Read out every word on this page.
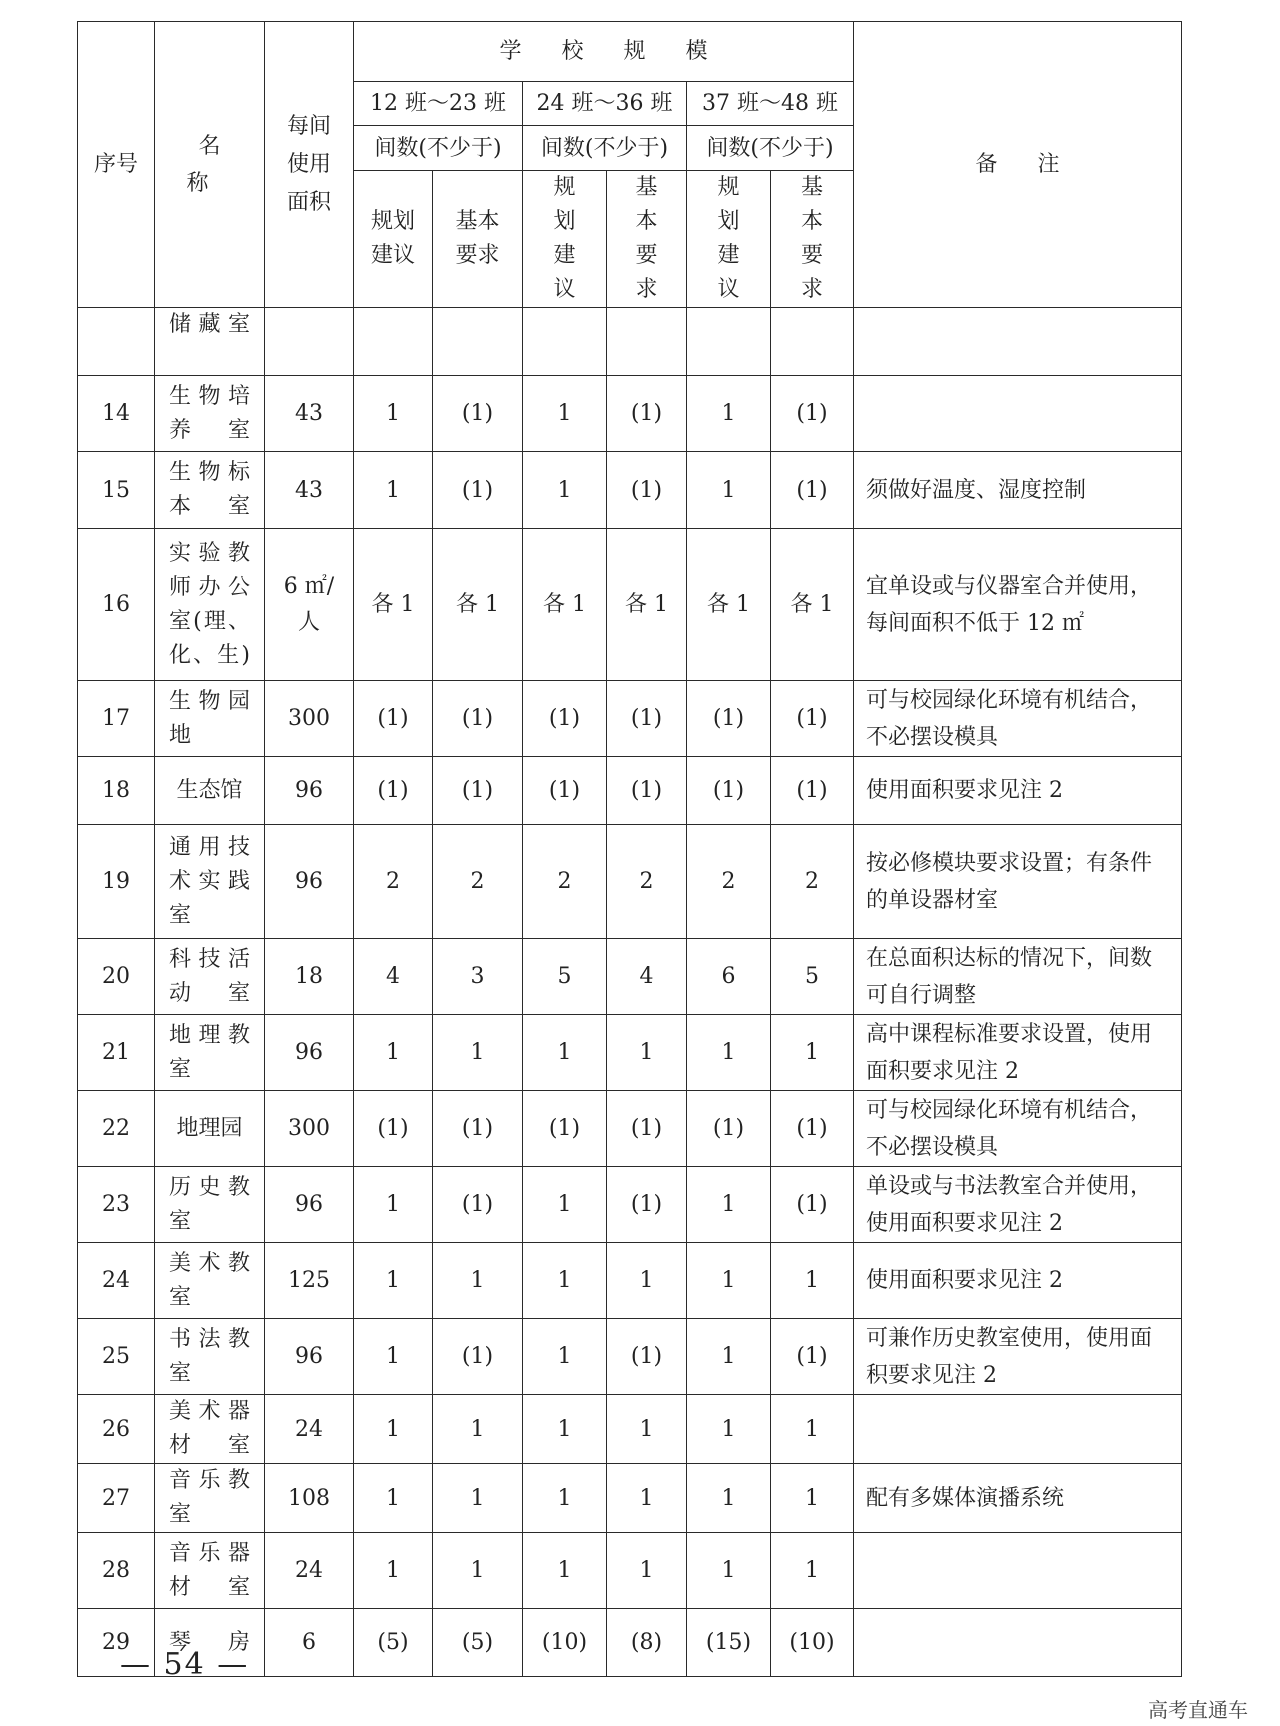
序号	名称	每间使用面积	学校规模						备注
			12 班～23 班		24 班～36 班		37 班～48 班		
			间数(不少于)		间数(不少于)		间数(不少于)		

			规划建议	基本要求	规划建议	基本要求	规划建议	基本要求	

	储藏室								

14	生物培养室	43	1	(1)	1	(1)	1	(1)	
15	生物标本室	43	1	(1)	1	(1)	1	(1)	须做好温度、湿度控制
16	实验教师办公室(理、化、生)	6 ㎡/人	各 1	各 1	各 1	各 1	各 1	各 1	宜单设或与仪器室合并使用，每间面积不低于 12 ㎡
17	生物园地	300	(1)	(1)	(1)	(1)	(1)	(1)	可与校园绿化环境有机结合，不必摆设模具
18	生态馆	96	(1)	(1)	(1)	(1)	(1)	(1)	使用面积要求见注 2
19	通用技术实践室	96	2	2	2	2	2	2	按必修模块要求设置；有条件的单设器材室
20	科技活动室	18	4	3	5	4	6	5	在总面积达标的情况下，间数可自行调整
21	地理教室	96	1	1	1	1	1	1	高中课程标准要求设置，使用面积要求见注 2
22	地理园	300	(1)	(1)	(1)	(1)	(1)	(1)	可与校园绿化环境有机结合，不必摆设模具
23	历史教室	96	1	(1)	1	(1)	1	(1)	单设或与书法教室合并使用，使用面积要求见注 2
24	美术教室	125	1	1	1	1	1	1	使用面积要求见注 2
25	书法教室	96	1	(1)	1	(1)	1	(1)	可兼作历史教室使用，使用面积要求见注 2
26	美术器材室	24	1	1	1	1	1	1	
27	音乐教室	108	1	1	1	1	1	1	配有多媒体演播系统
28	音乐器材室	24	1	1	1	1	1	1	
29	琴房	6	(5)	(5)	(10)	(8)	(15)	(10)	
— 54 —
高考直通车
